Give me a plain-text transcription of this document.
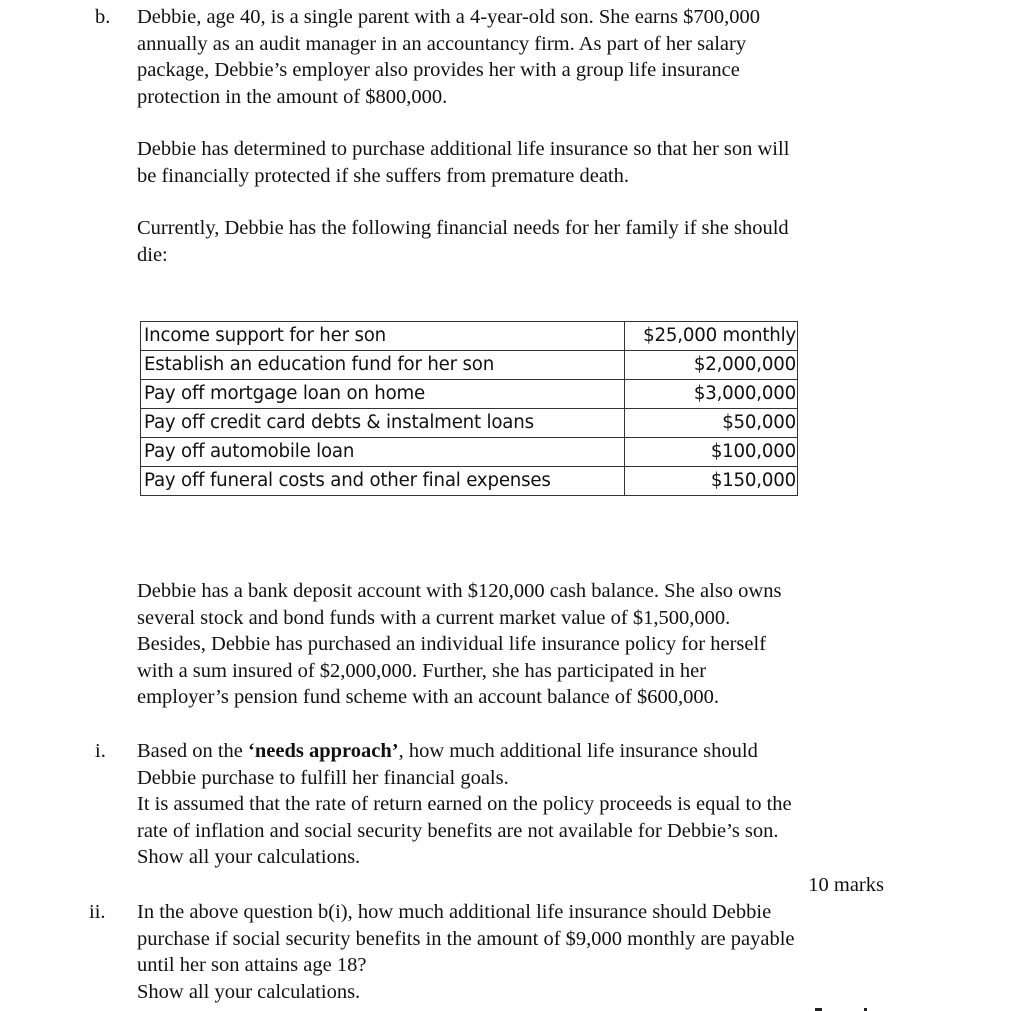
b.	Debbie, age 40, is a single parent with a 4-year-old son. She earns $700,000
annually as an audit manager in an accountancy firm. As part of her salary
package, Debbie’s employer also provides her with a group life insurance
protection in the amount of $800,000.

Debbie has determined to purchase additional life insurance so that her son will
be financially protected if she suffers from premature death.

Currently, Debbie has the following financial needs for her family if she should
die:

Income support for her son	$25,000 monthly
Establish an education fund for her son	$2,000,000
Pay off mortgage loan on home	$3,000,000
Pay off credit card debts & instalment loans	$50,000
Pay off automobile loan	$100,000
Pay off funeral costs and other final expenses	$150,000

Debbie has a bank deposit account with $120,000 cash balance. She also owns
several stock and bond funds with a current market value of $1,500,000.
Besides, Debbie has purchased an individual life insurance policy for herself
with a sum insured of $2,000,000. Further, she has participated in her
employer’s pension fund scheme with an account balance of $600,000.

i.	Based on the ‘needs approach’, how much additional life insurance should
Debbie purchase to fulfill her financial goals.
It is assumed that the rate of return earned on the policy proceeds is equal to the
rate of inflation and social security benefits are not available for Debbie’s son.
Show all your calculations.

10 marks
ii.	In the above question b(i), how much additional life insurance should Debbie
purchase if social security benefits in the amount of $9,000 monthly are payable
until her son attains age 18?
Show all your calculations.
